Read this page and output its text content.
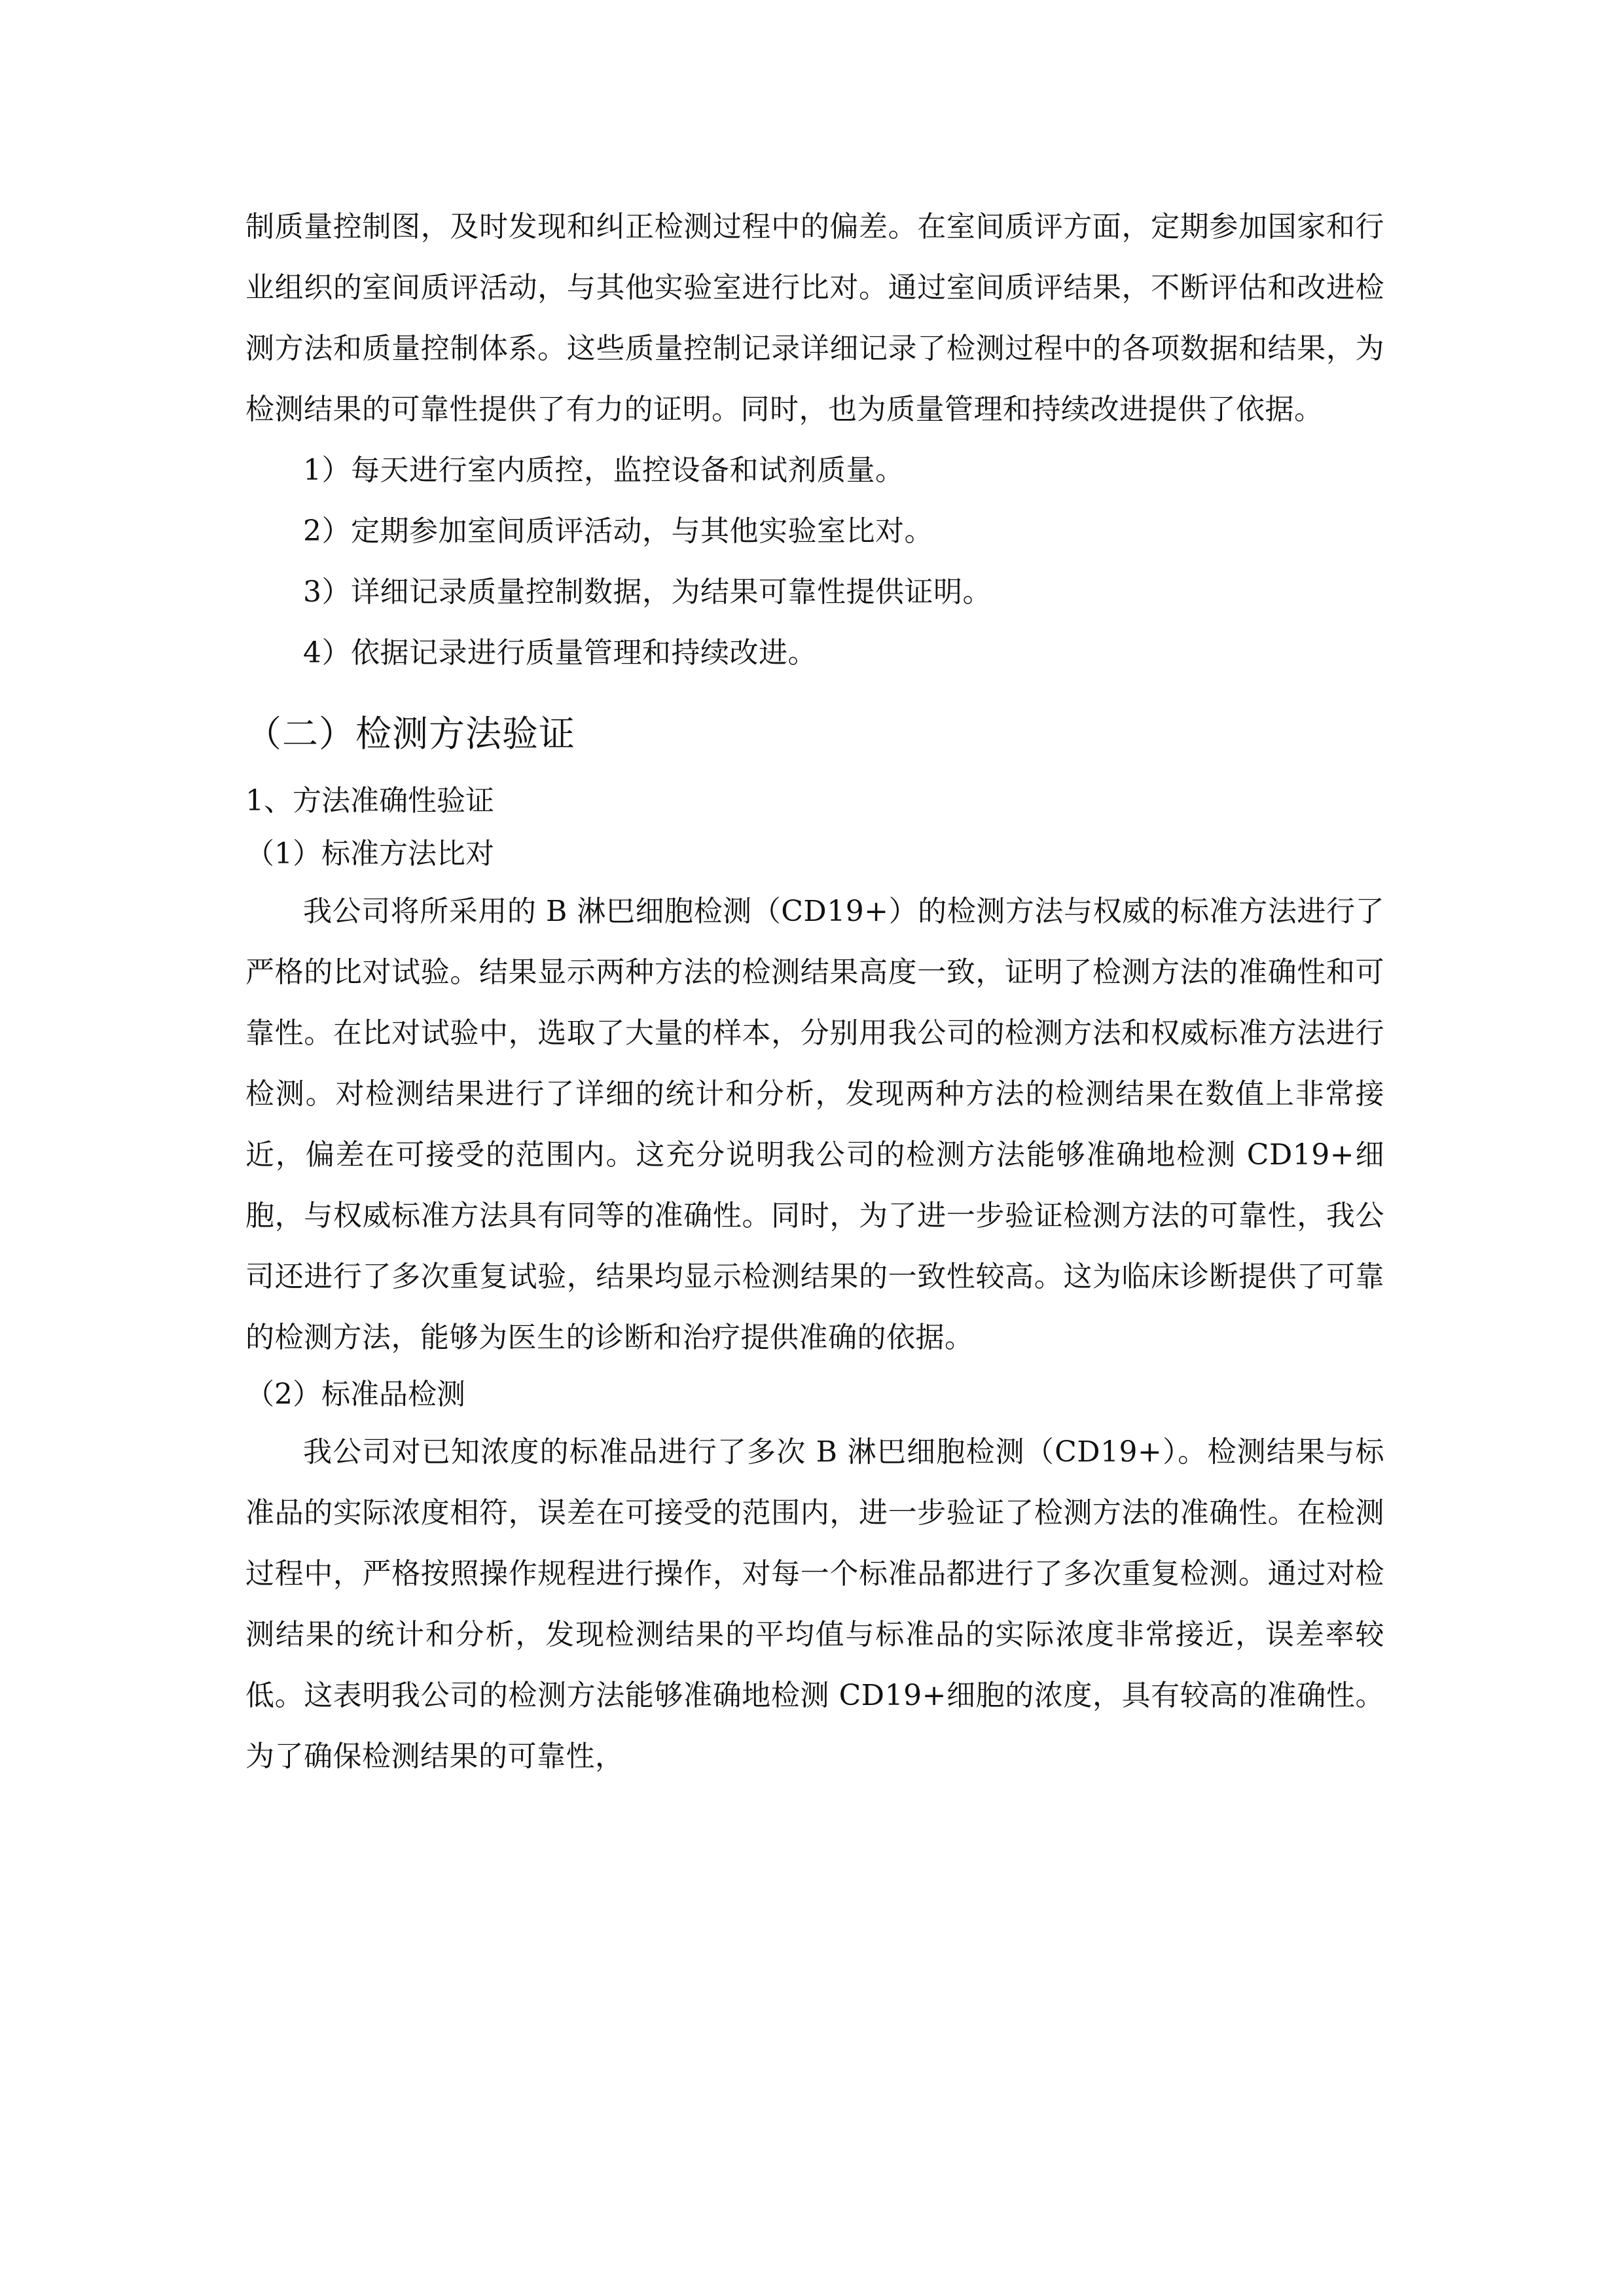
制质量控制图，及时发现和纠正检测过程中的偏差。在室间质评方面，定期参加国家和行业组织的室间质评活动，与其他实验室进行比对。通过室间质评结果，不断评估和改进检测方法和质量控制体系。这些质量控制记录详细记录了检测过程中的各项数据和结果，为检测结果的可靠性提供了有力的证明。同时，也为质量管理和持续改进提供了依据。

1）每天进行室内质控，监控设备和试剂质量。
2）定期参加室间质评活动，与其他实验室比对。
3）详细记录质量控制数据，为结果可靠性提供证明。
4）依据记录进行质量管理和持续改进。
（二）检测方法验证
1、方法准确性验证
（1）标准方法比对

我公司将所采用的 B 淋巴细胞检测（CD19+）的检测方法与权威的标准方法进行了严格的比对试验。结果显示两种方法的检测结果高度一致，证明了检测方法的准确性和可靠性。在比对试验中，选取了大量的样本，分别用我公司的检测方法和权威标准方法进行检测。对检测结果进行了详细的统计和分析，发现两种方法的检测结果在数值上非常接近，偏差在可接受的范围内。这充分说明我公司的检测方法能够准确地检测 CD19+细胞，与权威标准方法具有同等的准确性。同时，为了进一步验证检测方法的可靠性，我公司还进行了多次重复试验，结果均显示检测结果的一致性较高。这为临床诊断提供了可靠的检测方法，能够为医生的诊断和治疗提供准确的依据。

（2）标准品检测

我公司对已知浓度的标准品进行了多次 B 淋巴细胞检测（CD19+）。检测结果与标准品的实际浓度相符，误差在可接受的范围内，进一步验证了检测方法的准确性。在检测过程中，严格按照操作规程进行操作，对每一个标准品都进行了多次重复检测。通过对检测结果的统计和分析，发现检测结果的平均值与标准品的实际浓度非常接近，误差率较低。这表明我公司的检测方法能够准确地检测 CD19+细胞的浓度，具有较高的准确性。为了确保检测结果的可靠性，
